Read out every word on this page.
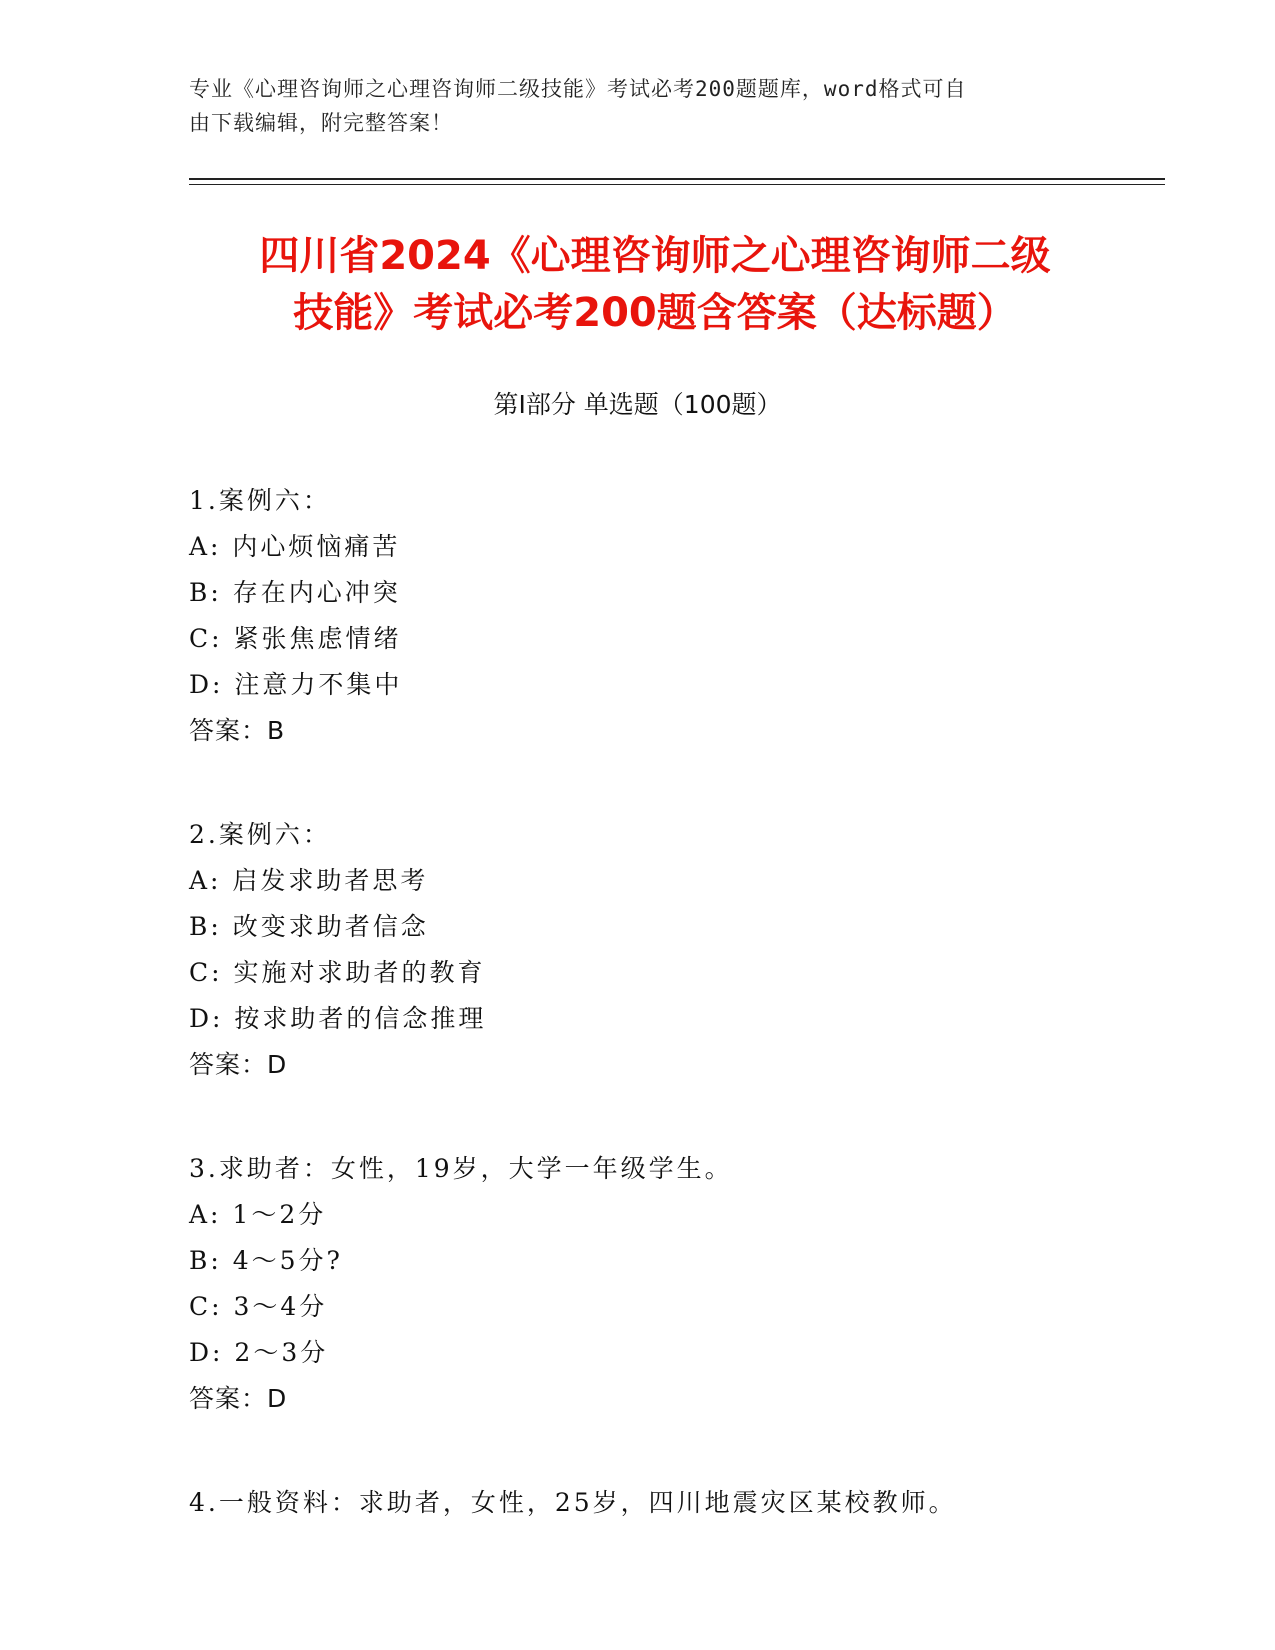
专业《心理咨询师之心理咨询师二级技能》考试必考200题题库，word格式可自
由下载编辑，附完整答案！
四川省2024《心理咨询师之心理咨询师二级
技能》考试必考200题含答案（达标题）
第Ⅰ部分 单选题（100题）
1.案例六：
A: 内心烦恼痛苦
B: 存在内心冲突
C: 紧张焦虑情绪
D: 注意力不集中
答案：B
2.案例六：
A: 启发求助者思考
B: 改变求助者信念
C: 实施对求助者的教育
D: 按求助者的信念推理
答案：D
3.求助者：女性，19岁，大学一年级学生。
A: 1～2分
B: 4～5分?
C: 3～4分
D: 2～3分
答案：D
4.一般资料：求助者，女性，25岁，四川地震灾区某校教师。
